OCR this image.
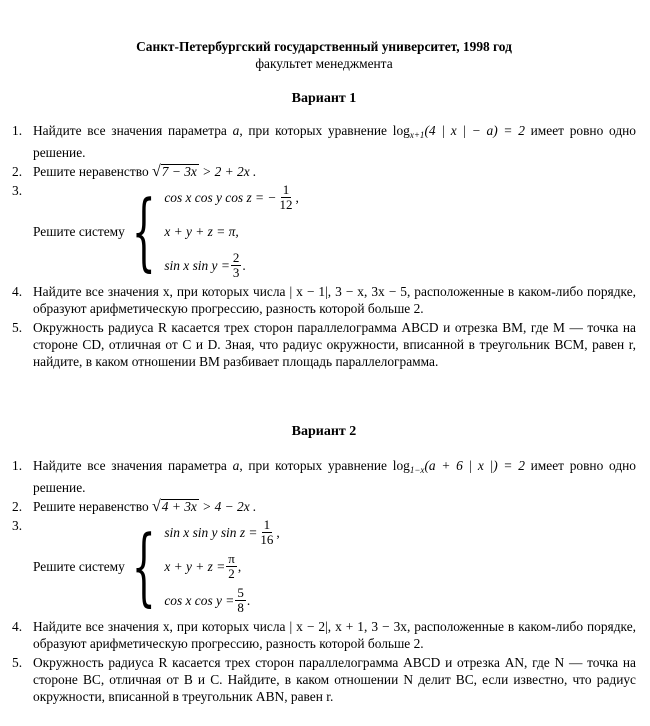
Санкт-Петербургский государственный университет, 1998 год
факультет менеджмента
Вариант 1
1. Найдите все значения параметра a, при которых уравнение $\log_{x+1}(4$ | x | − a) = 2 имеет ровно одно решение.
2. Решите неравенство √7 − 3x > 2 + 2x .
3.
Решите систему { cos x cos y cos z = − $\frac{1}{12}$ ,
x + y + z = π,
sin x $\sin y = \frac{2}{3}$ .
4. Найдите все значения x, при которых числа | x − 1|, 3 − x, 3x − 5, расположенные в каком-либо порядке, образуют арифметическую прогрессию, разность которой больше 2.
5. Окружность радиуса R касается трех сторон параллелограмма ABCD и отрезка BM, где M — точка на стороне CD, отличная от C и D. Зная, что радиус окружности, вписанной в треугольник BCM, равен r, найдите, в каком отношении BM разбивает площадь параллелограмма.
Вариант 2
1. Найдите все значения параметра a, при которых уравнение $\log_{1-x}(a + 6$ | x |) = 2 имеет ровно одно решение.
2. Решите неравенство √4 + 3x > 4 − 2x .
3.
Решите систему { sin x sin y $\sin z = \frac{1}{16}$ ,
$x + y + z = \frac{\pi}{2}$ ,
cos x $\cos y = \frac{5}{8}$ .
4. Найдите все значения x, при которых числа | x − 2|, x + 1, 3 − 3x, расположенные в каком-либо порядке, образуют арифметическую прогрессию, разность которой больше 2.
5. Окружность радиуса R касается трех сторон параллелограмма ABCD и отрезка AN, где N — точка на стороне BC, отличная от B и C. Найдите, в каком отношении N делит BC, если известно, что радиус окружности, вписанной в треугольник ABN, равен r.
